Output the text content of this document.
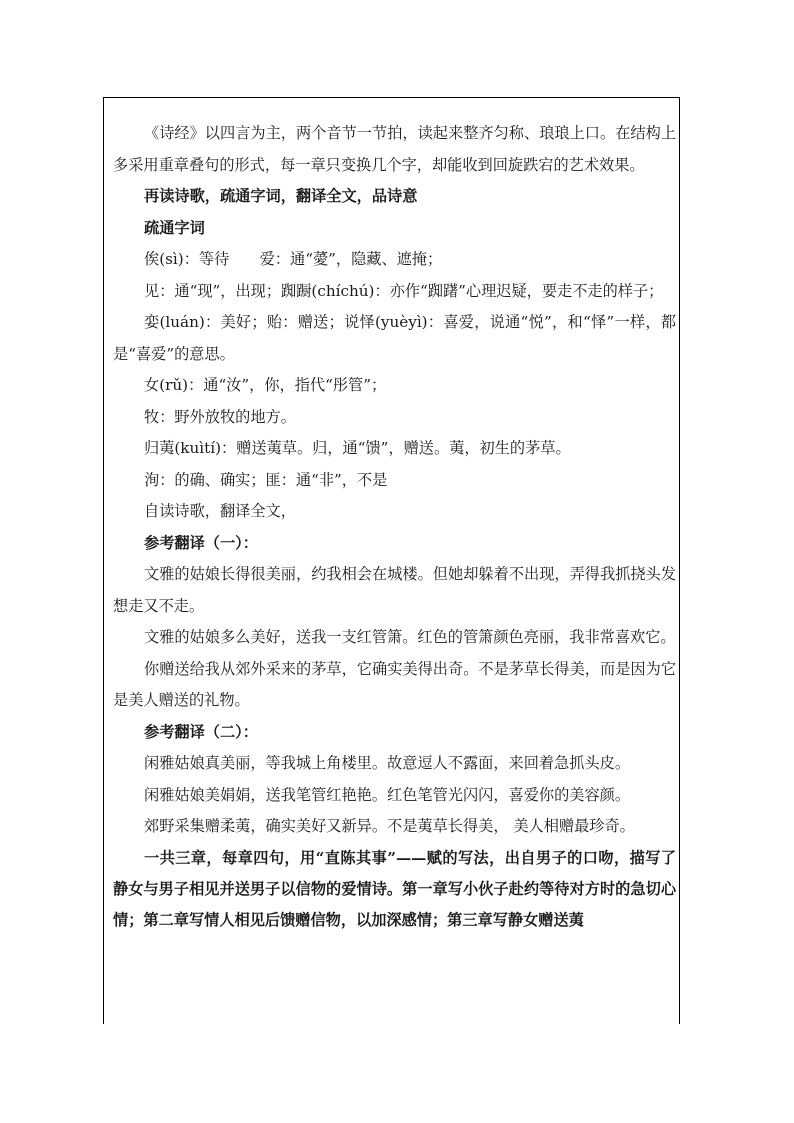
《诗经》以四言为主，两个音节一节拍，读起来整齐匀称、琅琅上口。在结构上多采用重章叠句的形式，每一章只变换几个字，却能收到回旋跌宕的艺术效果。

再读诗歌，疏通字词，翻译全文，品诗意

疏通字词

俟(sì)：等待　　爱：通“薆”，隐藏、遮掩；

见：通“现”，出现；踟蹰(chíchú)：亦作“踟躇”心理迟疑，要走不走的样子；

娈(luán)：美好；贻：赠送；说怿(yuèyì)：喜爱，说通“悦”，和“怿”一样，都是“喜爱”的意思。

女(rǔ)：通“汝”，你，指代“彤管”；

牧：野外放牧的地方。

归荑(kuìtí)：赠送荑草。归，通“馈”，赠送。荑，初生的茅草。

洵：的确、确实；匪：通“非”，不是

自读诗歌，翻译全文，

参考翻译（一）：

文雅的姑娘长得很美丽，约我相会在城楼。但她却躲着不出现，弄得我抓挠头发想走又不走。

文雅的姑娘多么美好，送我一支红管箫。红色的管箫颜色亮丽，我非常喜欢它。

你赠送给我从郊外采来的茅草，它确实美得出奇。不是茅草长得美，而是因为它是美人赠送的礼物。

参考翻译（二）：

闲雅姑娘真美丽，等我城上角楼里。故意逗人不露面，来回着急抓头皮。

闲雅姑娘美娟娟，送我笔管红艳艳。红色笔管光闪闪，喜爱你的美容颜。

郊野采集赠柔荑，确实美好又新异。不是荑草长得美， 美人相赠最珍奇。

一共三章，每章四句，用“直陈其事”——赋的写法，出自男子的口吻，描写了静女与男子相见并送男子以信物的爱情诗。第一章写小伙子赴约等待对方时的急切心情；第二章写情人相见后馈赠信物，以加深感情；第三章写静女赠送荑
